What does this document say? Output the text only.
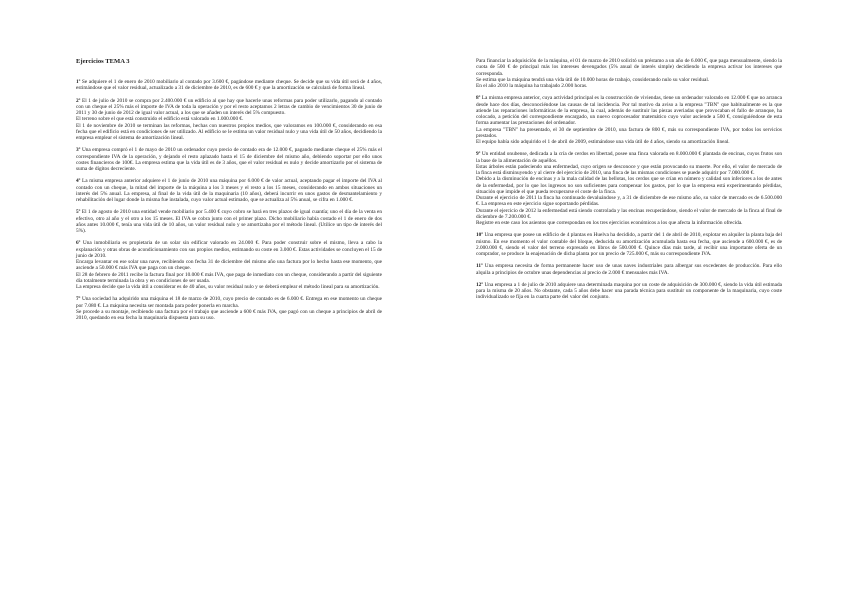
Ejercicios TEMA 3
1º Se adquiere el 1 de enero de 2010 mobiliario al contado por 3.600 €, pagándose mediante cheque. Se decide que su vida útil será de 4 años, estimándose que el valor residual, actualizado a 31 de diciembre de 2010, es de 600 € y que la amortización se calculará de forma lineal.
2º El 1 de julio de 2010 se compra por 2.400.000 € un edificio al que hay que hacerle unas reformas para poder utilizarlo, pagando al contado con un cheque el 25% más el importe de IVA de toda la operación y por el resto aceptamos 2 letras de cambio de vencimientos 30 de junio de 2011 y 30 de junio de 2012 de igual valor actual, a los que se añaden un interés del 5% compuesto.
El terreno sobre el que está construido el edificio está valorado en 1.000.000 €.
El 1 de noviembre de 2010 se terminan las reformas, hechas con nuestros propios medios, que valoramos en 100.000 €, considerando en esa fecha que el edificio está en condiciones de ser utilizado. Al edificio se le estima un valor residual nulo y una vida útil de 50 años, decidiendo la empresa emplear el sistema de amortización lineal.
3º Una empresa compró el 1 de mayo de 2010 un ordenador cuyo precio de contado era de 12.000 €, pagando mediante cheque el 25% más el correspondiente IVA de la operación, y dejando el resto aplazado hasta el 15 de diciembre del mismo año, debiendo soportar por ello unos costes financieros de 100€. La empresa estima que la vida útil es de 3 años, que el valor residual es nulo y decide amortizarlo por el sistema de suma de dígitos decreciente.
4º La misma empresa anterior adquiere el 1 de junio de 2010 una máquina por 6.000 € de valor actual, aceptando pagar el importe del IVA al contado con un cheque, la mitad del importe de la máquina a los 3 meses y el resto a los 15 meses, considerando en ambos situaciones un interés del 5% anual. La empresa, al final de la vida útil de la maquinaria (10 años), deberá incurrir en unos gastos de desmantelamiento y rehabilitación del lugar donde la misma fue instalada, cuyo valor actual estimado, que se actualiza al 5% anual, se cifra en 1.000 €.
5º El 1 de agosto de 2010 una entidad vende mobiliario por 5.400 € cuyo cobro se hará en tres plazos de igual cuantía; uno el día de la venta en efectivo, otro al año y el otro a los 15 meses. El IVA se cobra junto con el primer plazo. Dicho mobiliario había costado el 1 de enero de dos años antes 10.000 €, tenía una vida útil de 10 años, un valor residual nulo y se amortizaba por el método lineal. (Utilice un tipo de interés del 5%).
6º Una inmobiliaria es propietaria de un solar sin edificar valorado en 24.000 €. Para poder construir sobre el mismo, lleva a cabo la explanación y otras obras de acondicionamiento con sus propios medios, estimando su coste en 3.000 €. Estas actividades se concluyen el 15 de junio de 2010.
Encarga levantar en ese solar una nave, recibiendo con fecha 31 de diciembre del mismo año una factura por lo hecho hasta ese momento, que asciende a 50.000 € más IVA que paga con un cheque.
El 28 de febrero de 2011 recibe la factura final por 10.000 € más IVA, que paga de inmediato con un cheque, considerando a partir del siguiente día totalmente terminada la obra y en condiciones de ser usada.
La empresa decide que la vida útil a considerar es de 40 años, su valor residual nulo y se deberá emplear el método lineal para su amortización.
7º Una sociedad ha adquirido una máquina el 18 de marzo de 2010, cuyo precio de contado es de 6.000 €. Entrega en ese momento un cheque por 7.080 €. La máquina necesita ser montada para poder ponerla en marcha.
Se procede a su montaje, recibiendo una factura por el trabajo que asciende a 600 € más IVA, que pagó con un cheque a principios de abril de 2010, quedando en esa fecha la maquinaria dispuesta para su uso.
Para financiar la adquisición de la máquina, el 01 de marzo de 2010 solicitó un préstamo a un año de 6.000 €, que paga mensualmente, siendo la cuota de 500 € de principal más los intereses devengados (5% anual de interés simple) decidiendo la empresa activar los intereses que corresponda.
Se estima que la máquina tendrá una vida útil de 10.000 horas de trabajo, considerando nulo su valor residual.
En el año 2010 la máquina ha trabajado 2.000 horas.
8º La misma empresa anterior, cuya actividad principal es la construcción de viviendas, tiene un ordenador valorado en 12.000 € que no arranca desde hace dos días, desconociéndose las causas de tal incidencia. Por tal motivo da aviso a la empresa "TBN" que habitualmente es la que atiende las reparaciones informáticas de la empresa, la cual, además de sustituir las piezas averiadas que provocaban el fallo de arranque, ha colocado, a petición del correspondiente encargado, un nuevo coprocesador matemático cuyo valor asciende a 500 €, consiguiéndose de esta forma aumentar las prestaciones del ordenador.
La empresa "TBN" ha presentado, el 30 de septiembre de 2010, una factura de 800 €, más su correspondiente IVA, por todos los servicios prestados.
El equipo había sido adquirido el 1 de abril de 2009, estimándose una vida útil de 4 años, siendo su amortización lineal.
9º Un entidad onubense, dedicada a la cría de cerdos en libertad, posee una finca valorada en 8.000.000 € plantada de encinas, cuyos frutos son la base de la alimentación de aquéllos.
Estas árboles están padeciendo una enfermedad, cuyo origen se desconoce y que están provocando su muerte. Por ello, el valor de mercado de la finca está disminuyendo y al cierre del ejercicio de 2010, una finca de las mismas condiciones se puede adquirir por 7.000.000 €.
Debido a la disminución de encinas y a la mala calidad de las bellotas, los cerdos que se crían en número y calidad son inferiores a los de antes de la enfermedad, por lo que los ingresos no son suficientes para compensar los gastos, por lo que la empresa está experimentando pérdidas, situación que impide el que pueda recuperarse el coste de la finca.
Durante el ejercicio de 2011 la finca ha continuado devaluándose y, a 31 de diciembre de ese mismo año, su valor de mercado es de 6.500.000 €. La empresa en este ejercicio sigue soportando pérdidas.
Durante el ejercicio de 2012 la enfermedad está siendo controlada y las encinas recuperándose, siendo el valor de mercado de la finca al final de diciembre de 7.200.000 €.
Registre en este caso los asientos que correspondan en los tres ejercicios económicos a los que afecta la información ofrecida.
10º Una empresa que posee un edificio de 4 plantas en Huelva ha decidido, a partir del 1 de abril de 2010, explotar en alquiler la planta baja del mismo. En ese momento el valor contable del bloque, deducida su amortización acumulada hasta esa fecha, que asciende a 600.000 €, es de 2.000.000 €, siendo el valor del terreno expresado en libros de 500.000 €. Quince días más tarde, al recibir una importante oferta de un comprador, se produce la enajenación de dicha planta por un precio de 725.000 €, más su correspondiente IVA.
11º Una empresa necesita de forma permanente hacer uso de unas naves industriales para albergar sus excedentes de producción. Para ello alquila a principios de octubre unas dependencias al precio de 2.000 € mensuales más IVA.
12º Una empresa a 1 de julio de 2010 adquiere una determinada maquina por un coste de adquisición de 300.000 €, siendo la vida útil estimada para la misma de 20 años. No obstante, cada 5 años debe hacer una parada técnica para sustituir un componente de la maquinaria, cuyo coste individualizado se fija en la cuarta parte del valor del conjunto.
